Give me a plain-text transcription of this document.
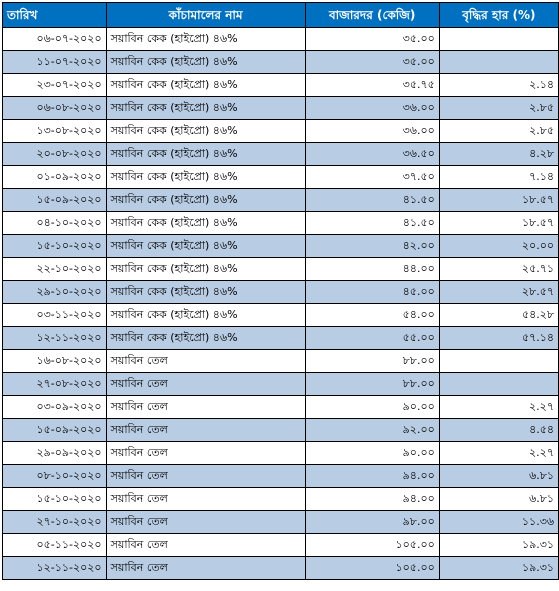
তারিখ	কাঁচামালের নাম	বাজারদর (কেজি)	বৃদ্ধির হার (%)
০৬-০৭-২০২০	সয়াবিন কেক (হাইপ্রো) ৪৬%	৩৫.০০	
১১-০৭-২০২০	সয়াবিন কেক (হাইপ্রো) ৪৬%	৩৫.০০	
২৩-০৭-২০২০	সয়াবিন কেক (হাইপ্রো) ৪৬%	৩৫.৭৫	২.১৪
০৬-০৮-২০২০	সয়াবিন কেক (হাইপ্রো) ৪৬%	৩৬.০০	২.৮৫
১৩-০৮-২০২০	সয়াবিন কেক (হাইপ্রো) ৪৬%	৩৬.০০	২.৮৫
২০-০৮-২০২০	সয়াবিন কেক (হাইপ্রো) ৪৬%	৩৬.৫০	৪.২৮
০১-০৯-২০২০	সয়াবিন কেক (হাইপ্রো) ৪৬%	৩৭.৫০	৭.১৪
১৫-০৯-২০২০	সয়াবিন কেক (হাইপ্রো) ৪৬%	৪১.৫০	১৮.৫৭
০৪-১০-২০২০	সয়াবিন কেক (হাইপ্রো) ৪৬%	৪১.৫০	১৮.৫৭
১৫-১০-২০২০	সয়াবিন কেক (হাইপ্রো) ৪৬%	৪২.০০	২০.০০
২২-১০-২০২০	সয়াবিন কেক (হাইপ্রো) ৪৬%	৪৪.০০	২৫.৭১
২৯-১০-২০২০	সয়াবিন কেক (হাইপ্রো) ৪৬%	৪৫.০০	২৮.৫৭
০৩-১১-২০২০	সয়াবিন কেক (হাইপ্রো) ৪৬%	৫৪.০০	৫৪.২৮
১২-১১-২০২০	সয়াবিন কেক (হাইপ্রো) ৪৬%	৫৫.০০	৫৭.১৪
১৬-০৮-২০২০	সয়াবিন তেল	৮৮.০০	
২৭-০৮-২০২০	সয়াবিন তেল	৮৮.০০	
০৩-০৯-২০২০	সয়াবিন তেল	৯০.০০	২.২৭
১৫-০৯-২০২০	সয়াবিন তেল	৯২.০০	৪.৫৪
২৯-০৯-২০২০	সয়াবিন তেল	৯০.০০	২.২৭
০৮-১০-২০২০	সয়াবিন তেল	৯৪.০০	৬.৮১
১৫-১০-২০২০	সয়াবিন তেল	৯৪.০০	৬.৮১
২৭-১০-২০২০	সয়াবিন তেল	৯৮.০০	১১.৩৬
০৫-১১-২০২০	সয়াবিন তেল	১০৫.০০	১৯.৩১
১২-১১-২০২০	সয়াবিন তেল	১০৫.০০	১৯.৩১
